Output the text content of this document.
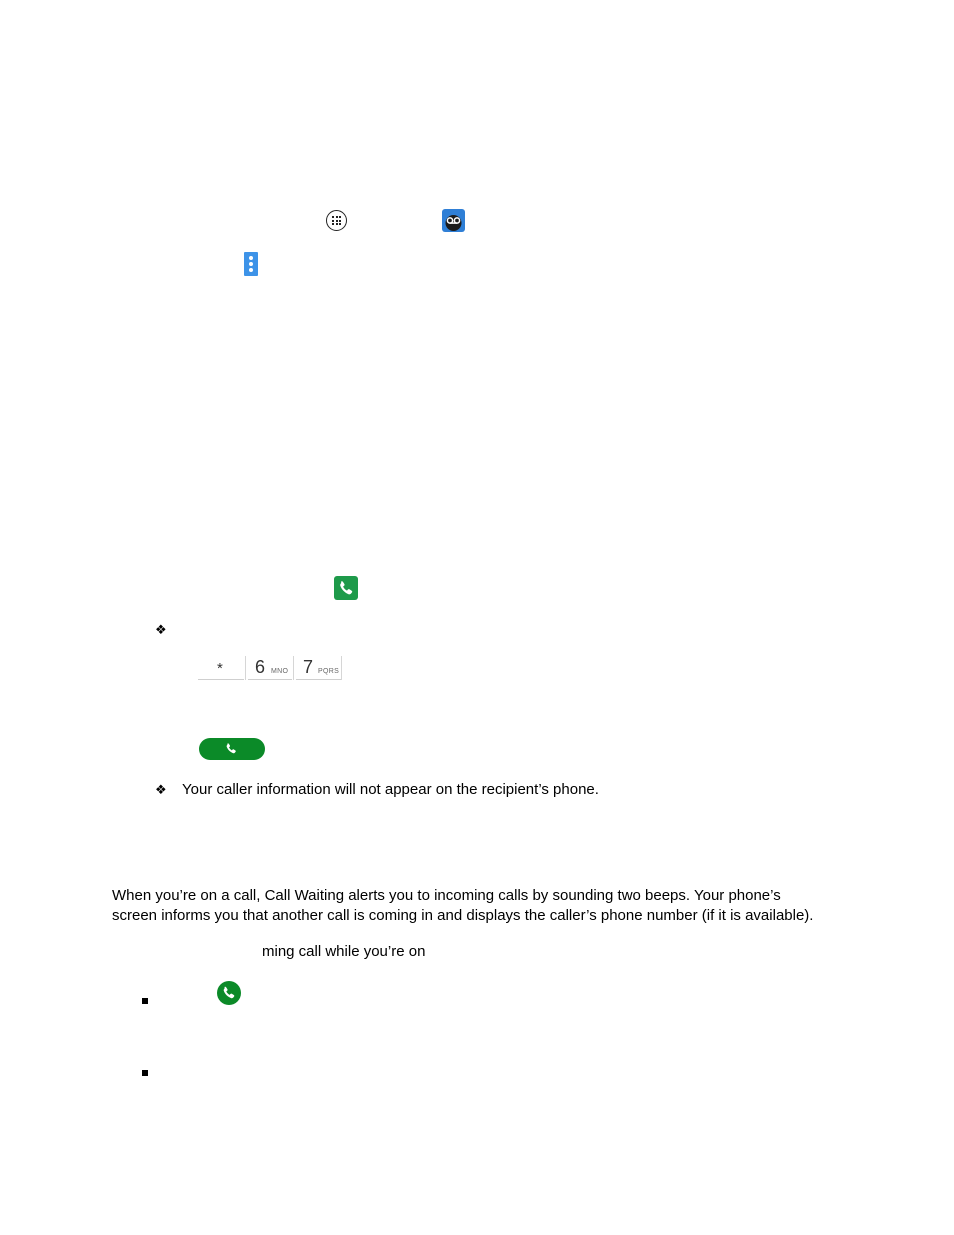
❖
* 6 MNO 7 PQRS
❖ Your caller information will not appear on the recipient’s phone.
When you’re on a call, Call Waiting alerts you to incoming calls by sounding two beeps. Your phone’s
screen informs you that another call is coming in and displays the caller’s phone number (if it is available).
ming call while you’re on
